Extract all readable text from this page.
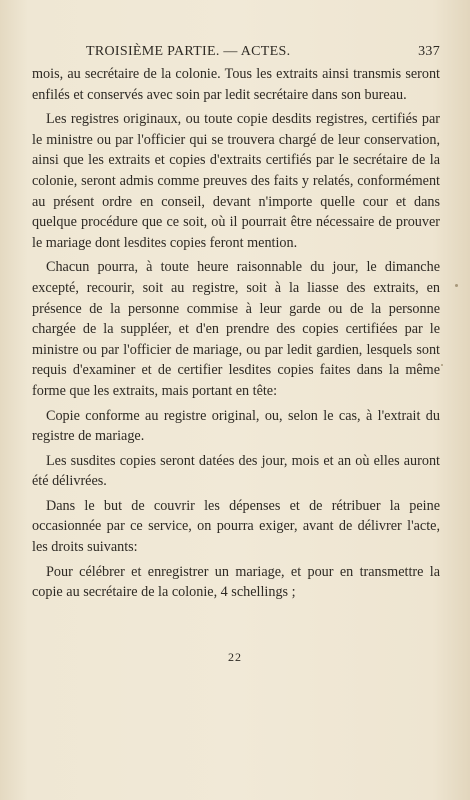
TROISIÈME PARTIE. — ACTES.	337

mois, au secrétaire de la colonie. Tous les extraits ainsi transmis seront enfilés et conservés avec soin par ledit secrétaire dans son bureau.

Les registres originaux, ou toute copie desdits registres, certifiés par le ministre ou par l'officier qui se trouvera chargé de leur conservation, ainsi que les extraits et copies d'extraits certifiés par le secrétaire de la colonie, seront admis comme preuves des faits y relatés, conformément au présent ordre en conseil, devant n'importe quelle cour et dans quelque procédure que ce soit, où il pourrait être nécessaire de prouver le mariage dont lesdites copies feront mention.

Chacun pourra, à toute heure raisonnable du jour, le dimanche excepté, recourir, soit au registre, soit à la liasse des extraits, en présence de la personne commise à leur garde ou de la personne chargée de la suppléer, et d'en prendre des copies certifiées par le ministre ou par l'officier de mariage, ou par ledit gardien, lesquels sont requis d'examiner et de certifier lesdites copies faites dans la même forme que les extraits, mais portant en tête:

Copie conforme au registre original, ou, selon le cas, à l'extrait du registre de mariage.

Les susdites copies seront datées des jour, mois et an où elles auront été délivrées.

Dans le but de couvrir les dépenses et de rétribuer la peine occasionnée par ce service, on pourra exiger, avant de délivrer l'acte, les droits suivants:

Pour célébrer et enregistrer un mariage, et pour en transmettre la copie au secrétaire de la colonie, 4 schellings ;

22
